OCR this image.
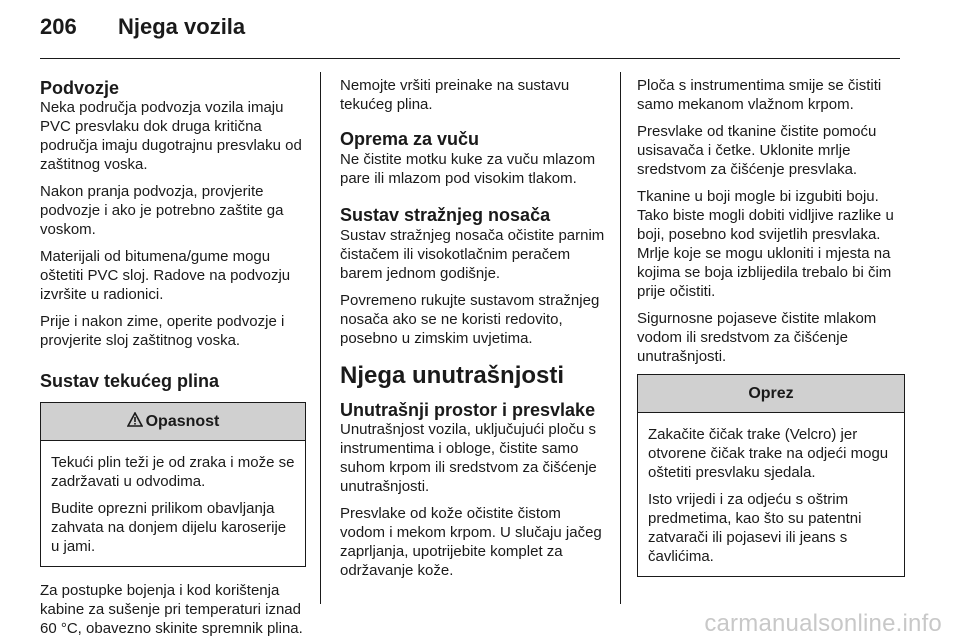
206	Njega vozila
Podvozje

Neka područja podvozja vozila imaju PVC presvlaku dok druga kritična područja imaju dugotrajnu presvlaku od zaštitnog voska.

Nakon pranja podvozja, provjerite podvozje i ako je potrebno zaštite ga voskom.

Materijali od bitumena/gume mogu oštetiti PVC sloj. Radove na podvozju izvršite u radionici.

Prije i nakon zime, operite podvozje i provjerite sloj zaštitnog voska.

Sustav tekućeg plina
Opasnost

Tekući plin teži je od zraka i može se zadržavati u odvodima.

Budite oprezni prilikom obavljanja zahvata na donjem dijelu karoserije u jami.

Za postupke bojenja i kod korištenja kabine za sušenje pri temperaturi iznad 60 °C, obavezno skinite spremnik plina.

Nemojte vršiti preinake na sustavu tekućeg plina.

Oprema za vuču

Ne čistite motku kuke za vuču mlazom pare ili mlazom pod visokim tlakom.

Sustav stražnjeg nosača

Sustav stražnjeg nosača očistite parnim čistačem ili visokotlačnim peračem barem jednom godišnje.

Povremeno rukujte sustavom stražnjeg nosača ako se ne koristi redovito, posebno u zimskim uvjetima.

Njega unutrašnjosti
Unutrašnji prostor i presvlake

Unutrašnjost vozila, uključujući ploču s instrumentima i obloge, čistite samo suhom krpom ili sredstvom za čišćenje unutrašnjosti.

Presvlake od kože očistite čistom vodom i mekom krpom. U slučaju jačeg zaprljanja, upotrijebite komplet za održavanje kože.

Ploča s instrumentima smije se čistiti samo mekanom vlažnom krpom.

Presvlake od tkanine čistite pomoću usisavača i četke. Uklonite mrlje sredstvom za čišćenje presvlaka.

Tkanine u boji mogle bi izgubiti boju. Tako biste mogli dobiti vidljive razlike u boji, posebno kod svijetlih presvlaka. Mrlje koje se mogu ukloniti i mjesta na kojima se boja izblijedila trebalo bi čim prije očistiti.

Sigurnosne pojaseve čistite mlakom vodom ili sredstvom za čišćenje unutrašnjosti.

Oprez

Zakačite čičak trake (Velcro) jer otvorene čičak trake na odjeći mogu oštetiti presvlaku sjedala.

Isto vrijedi i za odjeću s oštrim predmetima, kao što su patentni zatvarači ili pojasevi ili jeans s čavlićima.

carmanualsonline.info
